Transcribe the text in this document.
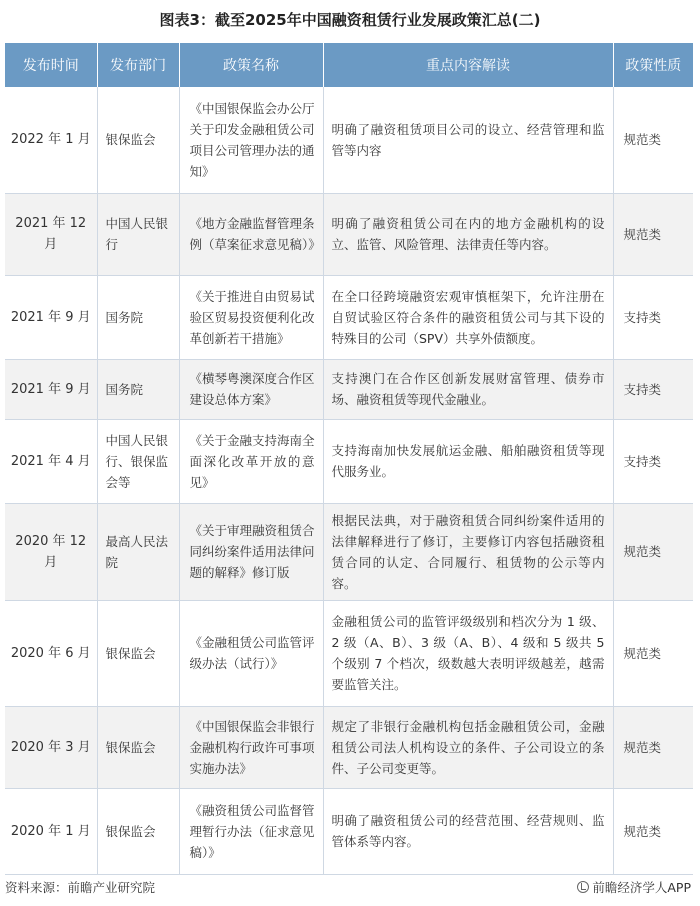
图表3：截至2025年中国融资租赁行业发展政策汇总(二)
发布时间	发布部门	政策名称	重点内容解读	政策性质
2022 年 1 月	银保监会	《中国银保监会办公厅关于印发金融租赁公司项目公司管理办法的通知》	明确了融资租赁项目公司的设立、经营管理和监管等内容	规范类
2021 年 12 月	中国人民银行	《地方金融监督管理条例（草案征求意见稿）》	明确了融资租赁公司在内的地方金融机构的设立、监管、风险管理、法律责任等内容。	规范类
2021 年 9 月	国务院	《关于推进自由贸易试验区贸易投资便利化改革创新若干措施》	在全口径跨境融资宏观审慎框架下，允许注册在自贸试验区符合条件的融资租赁公司与其下设的特殊目的公司（SPV）共享外债额度。	支持类
2021 年 9 月	国务院	《横琴粤澳深度合作区建设总体方案》	支持澳门在合作区创新发展财富管理、债券市场、融资租赁等现代金融业。	支持类
2021 年 4 月	中国人民银行、银保监会等	《关于金融支持海南全面深化改革开放的意见》	支持海南加快发展航运金融、船舶融资租赁等现代服务业。	支持类
2020 年 12 月	最高人民法院	《关于审理融资租赁合同纠纷案件适用法律问题的解释》修订版	根据民法典，对于融资租赁合同纠纷案件适用的法律解释进行了修订，主要修订内容包括融资租赁合同的认定、合同履行、租赁物的公示等内容。	规范类
2020 年 6 月	银保监会	《金融租赁公司监管评级办法（试行）》	金融租赁公司的监管评级级别和档次分为 1 级、2 级（A、B）、3 级（A、B）、4 级和 5 级共 5 个级别 7 个档次，级数越大表明评级越差，越需要监管关注。	规范类
2020 年 3 月	银保监会	《中国银保监会非银行金融机构行政许可事项实施办法》	规定了非银行金融机构包括金融租赁公司，金融租赁公司法人机构设立的条件、子公司设立的条件、子公司变更等。	规范类
2020 年 1 月	银保监会	《融资租赁公司监督管理暂行办法（征求意见稿）》	明确了融资租赁公司的经营范围、经营规则、监管体系等内容。	规范类
资料来源：前瞻产业研究院	前瞻经济学人APP
